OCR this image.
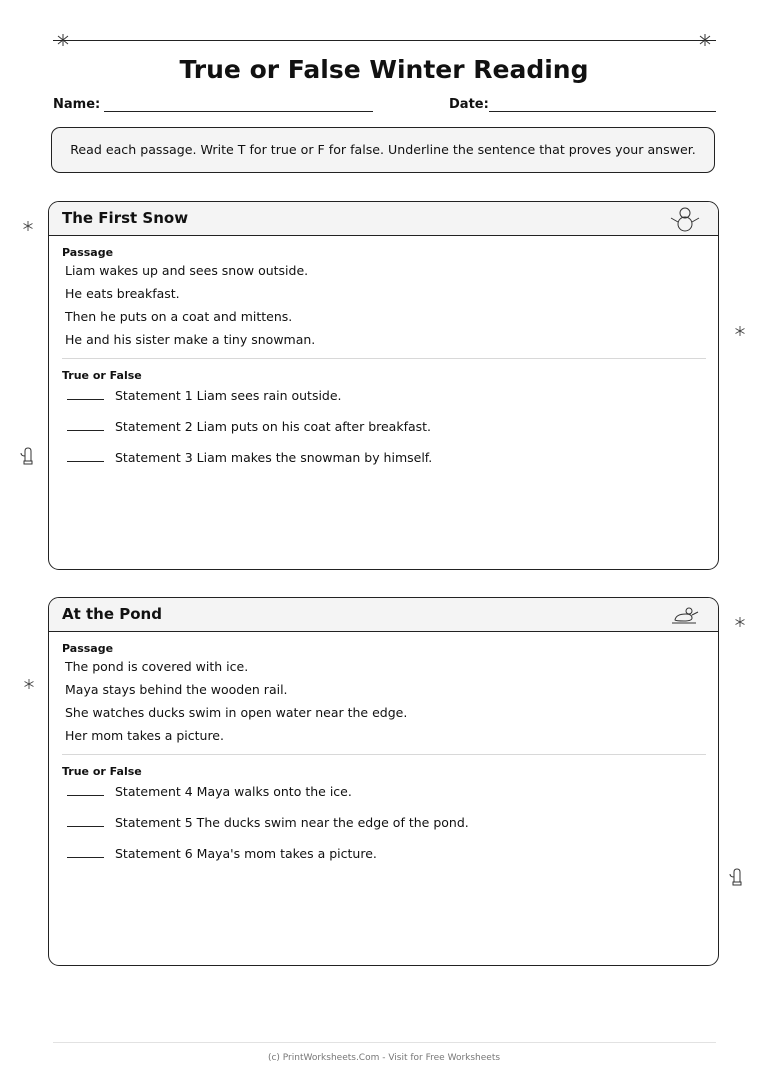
True or False Winter Reading
Name:	Date:
Read each passage. Write T for true or F for false. Underline the sentence that proves your answer.
The First Snow
Passage
Liam wakes up and sees snow outside.
He eats breakfast.
Then he puts on a coat and mittens.
He and his sister make a tiny snowman.
True or False
Statement 1 Liam sees rain outside.
Statement 2 Liam puts on his coat after breakfast.
Statement 3 Liam makes the snowman by himself.
At the Pond
Passage
The pond is covered with ice.
Maya stays behind the wooden rail.
She watches ducks swim in open water near the edge.
Her mom takes a picture.
True or False
Statement 4 Maya walks onto the ice.
Statement 5 The ducks swim near the edge of the pond.
Statement 6 Maya's mom takes a picture.
(c) PrintWorksheets.Com - Visit for Free Worksheets
